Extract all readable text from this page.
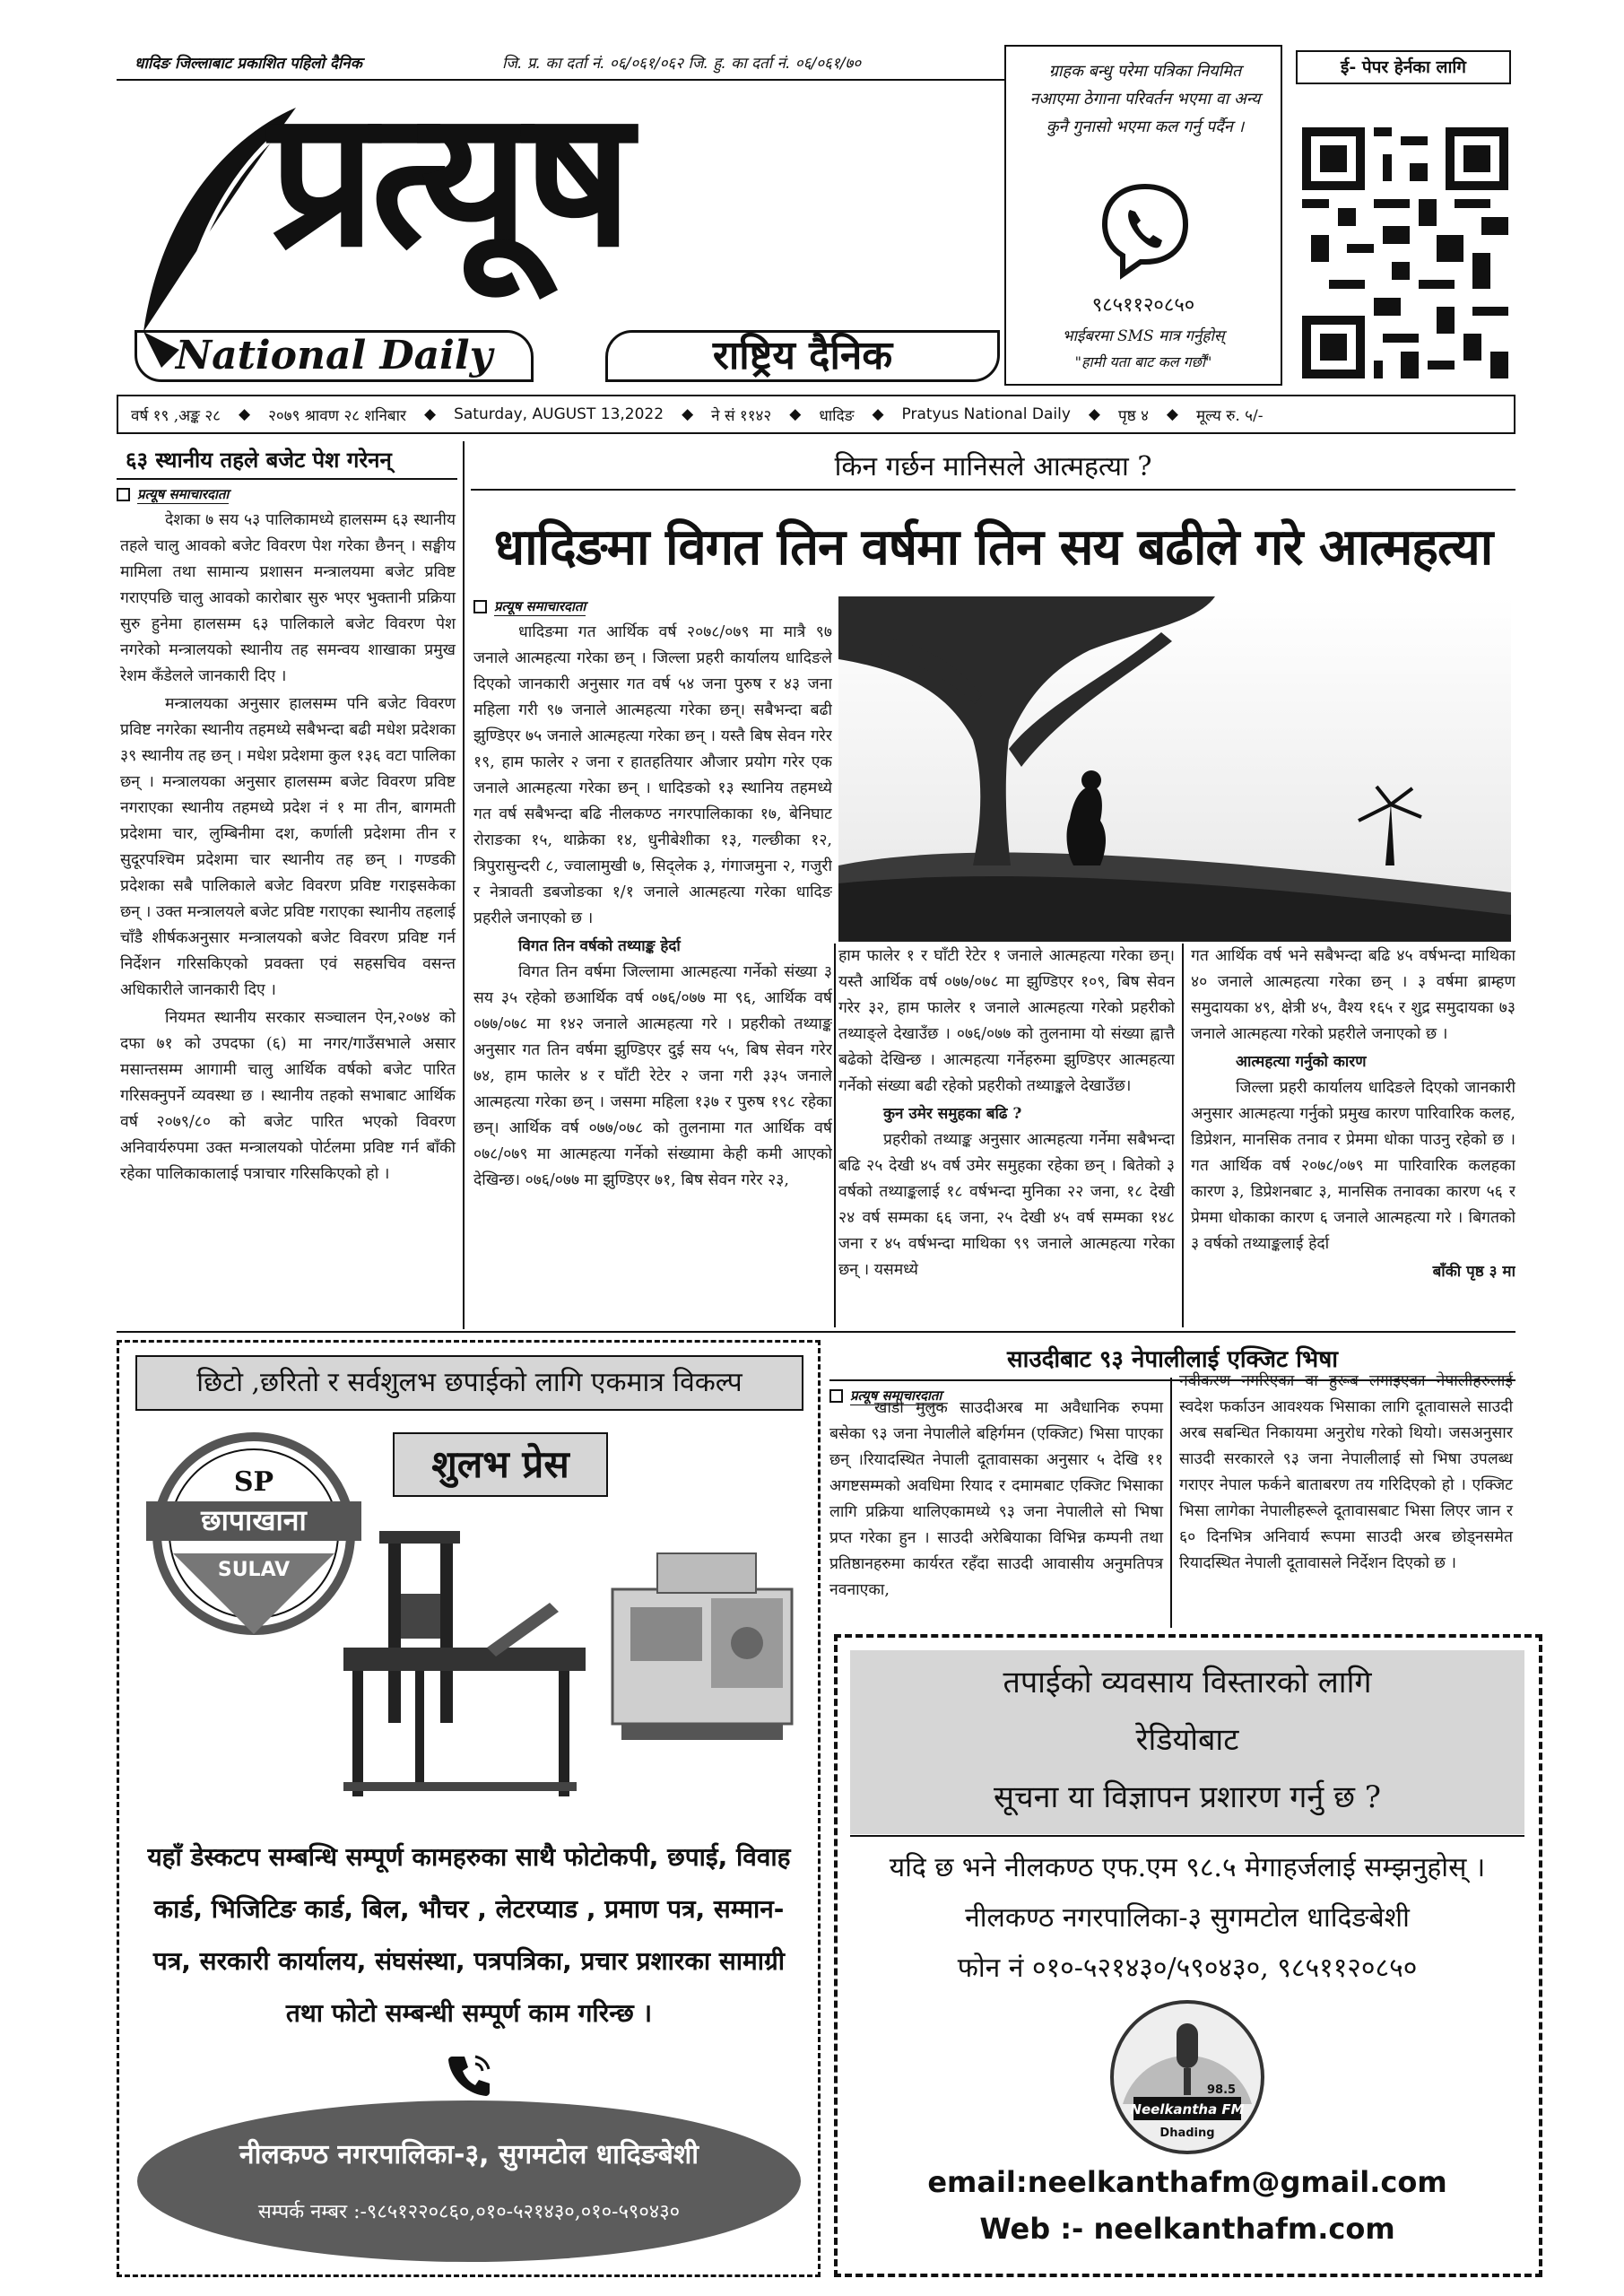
धादिङ जिल्लाबाट प्रकाशित पहिलो दैनिक	जि. प्र. का दर्ता नं. ०६/०६१/०६२ जि. हु. का दर्ता नं. ०६/०६१/७०
प्रत्यूष
National Daily	राष्ट्रिय दैनिक
ग्राहक बन्धु परेमा पत्रिका नियमित नआएमा ठेगाना परिवर्तन भएमा वा अन्य कुनै गुनासो भएमा कल गर्नु पर्दैन ।
९८५११२०८५०
भाईबरमा SMS मात्र गर्नुहोस्
"हामी यता बाट कल गर्छौं"
ई- पेपर हेर्नका लागि
वर्ष १९ ,अङ्क २८ ◆ २०७९ श्रावण २८ शनिबार ◆ Saturday, AUGUST 13,2022 ◆ ने सं ११४२ ◆ धादिङ ◆ Pratyus National Daily ◆ पृष्ठ ४ ◆ मूल्य रु. ५/-
६३ स्थानीय तहले बजेट पेश गरेनन्
प्रत्यूष समाचारदाता

देशका ७ सय ५३ पालिकामध्ये हालसम्म ६३ स्थानीय तहले चालु आवको बजेट विवरण पेश गरेका छैनन् । सङ्घीय मामिला तथा सामान्य प्रशासन मन्त्रालयमा बजेट प्रविष्ट गराएपछि चालु आवको कारोबार सुरु भएर भुक्तानी प्रक्रिया सुरु हुनेमा हालसम्म ६३ पालिकाले बजेट विवरण पेश नगरेको मन्त्रालयको स्थानीय तह समन्वय शाखाका प्रमुख रेशम कँडेलले जानकारी दिए ।

मन्त्रालयका अनुसार हालसम्म पनि बजेट विवरण प्रविष्ट नगरेका स्थानीय तहमध्ये सबैभन्दा बढी मधेश प्रदेशका ३९ स्थानीय तह छन् । मधेश प्रदेशमा कुल १३६ वटा पालिका छन् । मन्त्रालयका अनुसार हालसम्म बजेट विवरण प्रविष्ट नगराएका स्थानीय तहमध्ये प्रदेश नं १ मा तीन, बागमती प्रदेशमा चार, लुम्बिनीमा दश, कर्णाली प्रदेशमा तीन र सुदूरपश्चिम प्रदेशमा चार स्थानीय तह छन् । गण्डकी प्रदेशका सबै पालिकाले बजेट विवरण प्रविष्ट गराइसकेका छन् । उक्त मन्त्रालयले बजेट प्रविष्ट गराएका स्थानीय तहलाई चाँडै शीर्षकअनुसार मन्त्रालयको बजेट विवरण प्रविष्ट गर्न निर्देशन गरिसकिएको प्रवक्ता एवं सहसचिव वसन्त अधिकारीले जानकारी दिए ।

नियमत स्थानीय सरकार सञ्चालन ऐन,२०७४ को दफा ७१ को उपदफा (६) मा नगर/गाउँसभाले असार मसान्तसम्म आगामी चालु आर्थिक वर्षको बजेट पारित गरिसक्नुपर्ने व्यवस्था छ । स्थानीय तहको सभाबाट आर्थिक वर्ष २०७९/८० को बजेट पारित भएको विवरण अनिवार्यरुपमा उक्त मन्त्रालयको पोर्टलमा प्रविष्ट गर्न बाँकी रहेका पालिकाकालाई पत्राचार गरिसकिएको हो ।

किन गर्छन मानिसले आत्महत्या ?
धादिङमा विगत तिन वर्षमा तिन सय बढीले गरे आत्महत्या
प्रत्यूष समाचारदाता

धादिङमा गत आर्थिक वर्ष २०७८/०७९ मा मात्रै ९७ जनाले आत्महत्या गरेका छन् । जिल्ला प्रहरी कार्यालय धादिङले दिएको जानकारी अनुसार गत वर्ष ५४ जना पुरुष र ४३ जना महिला गरी ९७ जनाले आत्महत्या गरेका छन्। सबैभन्दा बढी झुण्डिएर ७५ जनाले आत्महत्या गरेका छन् । यस्तै बिष सेवन गरेर १९, हाम फालेर २ जना र हातहतियार औजार प्रयोग गरेर एक जनाले आत्महत्या गरेका छन् । धादिङको १३ स्थानिय तहमध्ये गत वर्ष सबैभन्दा बढि नीलकण्ठ नगरपालिकाका १७, बेनिघाट रोराङका १५, थाक्रेका १४, धुनीबेशीका १३, गल्छीका १२, त्रिपुरासुन्दरी ८, ज्वालामुखी ७, सिद्लेक ३, गंगाजमुना २, गजुरी र नेत्रावती डबजोङका १/१ जनाले आत्महत्या गरेका धादिङ प्रहरीले जनाएको छ ।

विगत तिन वर्षको तथ्याङ्क हेर्दा

विगत तिन वर्षमा जिल्लामा आत्महत्या गर्नेको संख्या ३ सय ३५ रहेको छआर्थिक वर्ष ०७६/०७७ मा ९६, आर्थिक वर्ष ०७७/०७८ मा १४२ जनाले आत्महत्या गरे । प्रहरीको तथ्याङ्क अनुसार गत तिन वर्षमा झुण्डिएर दुई सय ५५, बिष सेवन गरेर ७४, हाम फालेर ४ र घाँटी रेटेर २ जना गरी ३३५ जनाले आत्महत्या गरेका छन् । जसमा महिला १३७ र पुरुष १९८ रहेका छन्। आर्थिक वर्ष ०७७/०७८ को तुलनामा गत आर्थिक वर्ष ०७८/०७९ मा आत्महत्या गर्नेको संख्यामा केही कमी आएको देखिन्छ। ०७६/०७७ मा झुण्डिएर ७१, बिष सेवन गरेर २३,

हाम फालेर १ र घाँटी रेटेर १ जनाले आत्महत्या गरेका छन्। यस्तै आर्थिक वर्ष ०७७/०७८ मा झुण्डिएर १०९, बिष सेवन गरेर ३२, हाम फालेर १ जनाले आत्महत्या गरेको प्रहरीको तथ्याङ्ले देखाउँछ । ०७६/०७७ को तुलनामा यो संख्या ह्वात्तै बढेको देखिन्छ । आत्महत्या गर्नेहरुमा झुण्डिएर आत्महत्या गर्नेको संख्या बढी रहेको प्रहरीको तथ्याङ्कले देखाउँछ।

कुन उमेर समुहका बढि ?

प्रहरीको तथ्याङ्क अनुसार आत्महत्या गर्नेमा सबैभन्दा बढि २५ देखी ४५ वर्ष उमेर समुहका रहेका छन् । बितेको ३ वर्षको तथ्याङ्कलाई १८ वर्षभन्दा मुनिका २२ जना, १८ देखी २४ वर्ष सम्मका ६६ जना, २५ देखी ४५ वर्ष सम्मका १४८ जना र ४५ वर्षभन्दा माथिका ९९ जनाले आत्महत्या गरेका छन् । यसमध्ये

गत आर्थिक वर्ष भने सबैभन्दा बढि ४५ वर्षभन्दा माथिका ४० जनाले आत्महत्या गरेका छन् । ३ वर्षमा ब्राम्हण समुदायका ४९, क्षेत्री ४५, वैश्य १६५ र शुद्र समुदायका ७३ जनाले आत्महत्या गरेको प्रहरीले जनाएको छ ।

आत्महत्या गर्नुको कारण

जिल्ला प्रहरी कार्यालय धादिङले दिएको जानकारी अनुसार आत्महत्या गर्नुको प्रमुख कारण पारिवारिक कलह, डिप्रेशन, मानसिक तनाव र प्रेममा धोका पाउनु रहेको छ । गत आर्थिक वर्ष २०७८/०७९ मा पारिवारिक कलहका कारण ३, डिप्रेशनबाट ३, मानसिक तनावका कारण ५६ र प्रेममा धोकाका कारण ६ जनाले आत्महत्या गरे । बिगतको ३ वर्षको तथ्याङ्कलाई हेर्दा

बाँकी पृष्ठ ३ मा
छिटो ,छरितो र सर्वशुलभ छपाईको लागि एकमात्र विकल्प
शुलभ प्रेस
SP
छापाखाना
SULAV
यहाँ डेस्कटप सम्बन्धि सम्पूर्ण कामहरुका साथै फोटोकपी, छपाई, विवाह कार्ड, भिजिटिङ कार्ड, बिल, भौचर , लेटरप्याड , प्रमाण पत्र, सम्मान-पत्र, सरकारी कार्यालय, संघसंस्था, पत्रपत्रिका, प्रचार प्रशारका सामाग्री तथा फोटो सम्बन्धी सम्पूर्ण काम गरिन्छ ।
नीलकण्ठ नगरपालिका-३, सुगमटोल धादिङबेशी
सम्पर्क नम्बर :-९८५१२२०८६०,०१०-५२१४३०,०१०-५९०४३०
साउदीबाट ९३ नेपालीलाई एक्जिट भिषा
प्रत्यूष समाचारदाता
खाडी मुलुक साउदीअरब मा अवैधानिक रुपमा बसेका ९३ जना नेपालीले बहिर्गमन (एक्जिट) भिसा पाएका छन् ।रियादस्थित नेपाली दूतावासका अनुसार ५ देखि ११ अगष्टसम्मको अवधिमा रियाद र दमामबाट एक्जिट भिसाका लागि प्रक्रिया थालिएकामध्ये ९३ जना नेपालीले सो भिषा प्रप्त गरेका हुन । साउदी अरेबियाका विभिन्न कम्पनी तथा प्रतिष्ठानहरुमा कार्यरत रहँदा साउदी आवासीय अनुमतिपत्र नवनाएका,
नवीकरण नगरिएका वा हुरूब लगाइएका नेपालीहरुलाई स्वदेश फर्काउन आवश्यक भिसाका लागि दूतावासले साउदी अरब सबन्धित निकायमा अनुरोध गरेको थियो। जसअनुसार साउदी सरकारले ९३ जना नेपालीलाई सो भिषा उपलब्ध गराएर नेपाल फर्कने बाताबरण तय गरिदिएको हो । एक्जिट भिसा लागेका नेपालीहरूले दूतावासबाट भिसा लिएर जान र ६० दिनभित्र अनिवार्य रूपमा साउदी अरब छोड्नसमेत रियादस्थित नेपाली दूतावासले निर्देशन दिएको छ ।
तपाईको व्यवसाय विस्तारको लागि
रेडियोबाट
सूचना या विज्ञापन प्रशारण गर्नु छ ?
यदि छ भने नीलकण्ठ एफ.एम ९८.५ मेगाहर्जलाई सम्झनुहोस् ।
नीलकण्ठ नगरपालिका-३ सुगमटोल धादिङबेशी
फोन नं ०१०-५२१४३०/५९०४३०, ९८५११२०८५०
98.5
Neelkantha FM
Dhading
email:neelkanthafm@gmail.com
Web :- neelkanthafm.com
